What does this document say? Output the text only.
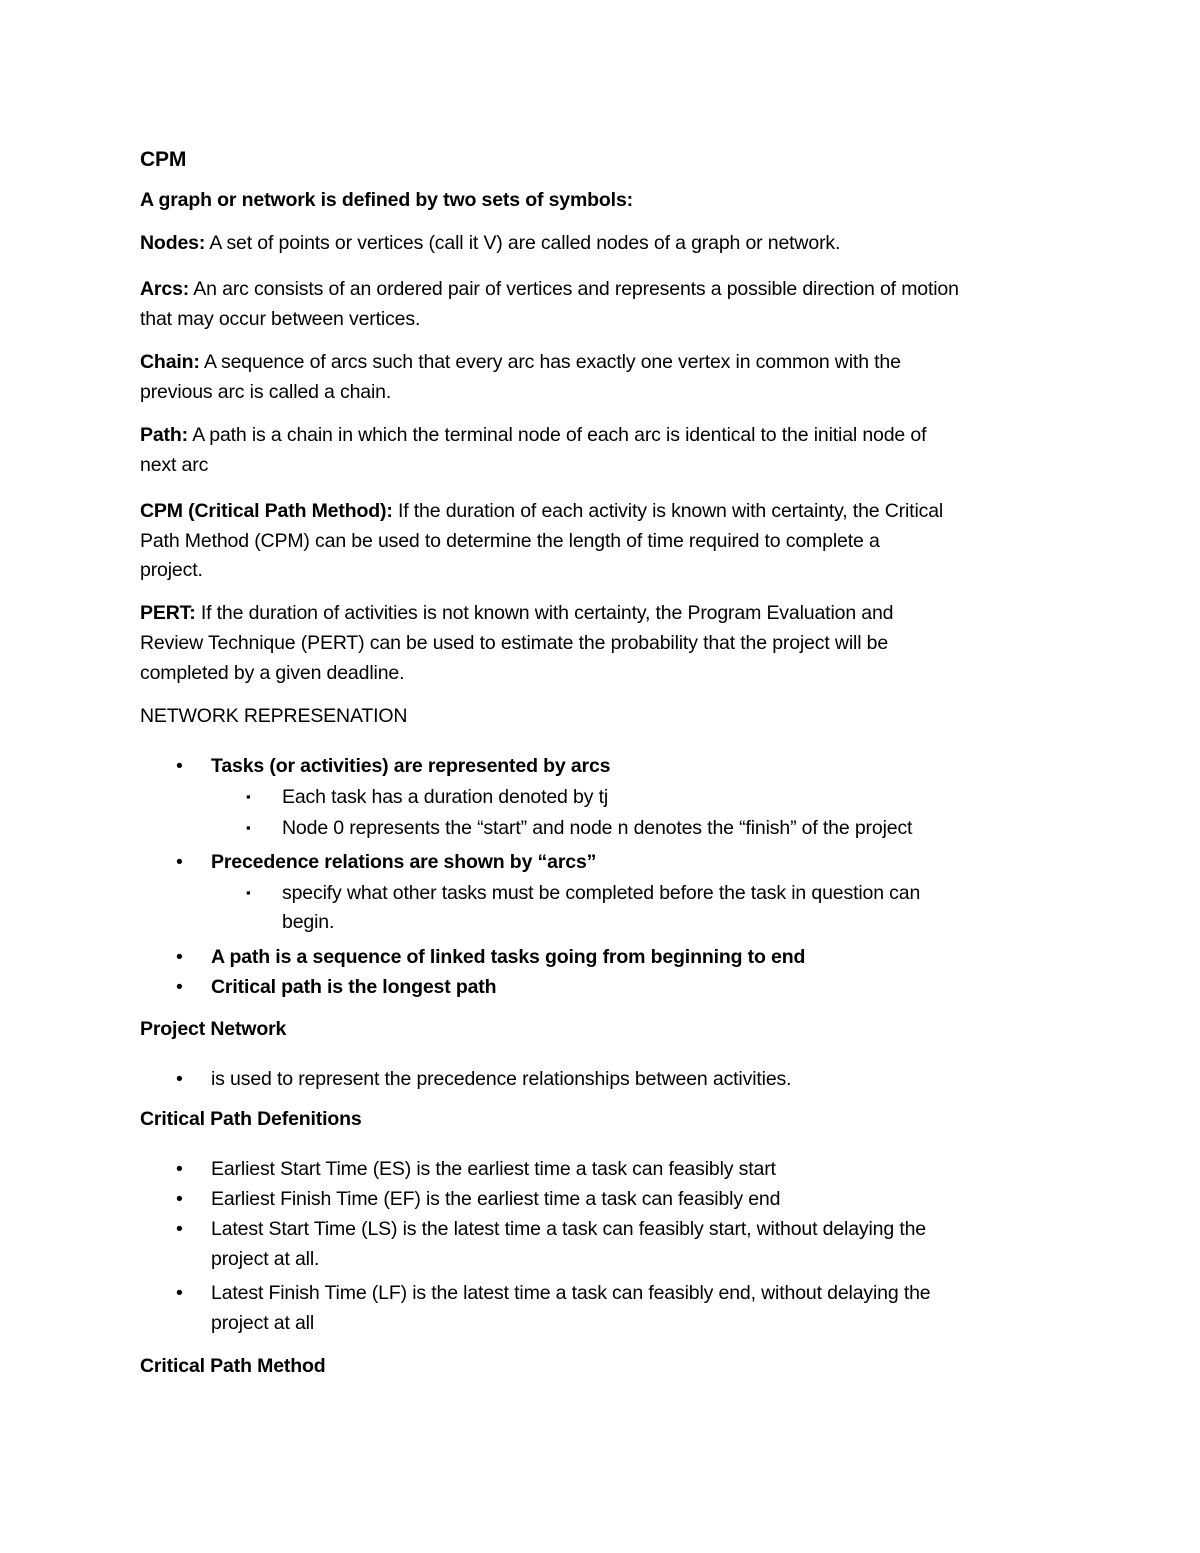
CPM
A graph or network is defined by two sets of symbols:
Nodes: A set of points or vertices (call it V) are called nodes of a graph or network.
Arcs: An arc consists of an ordered pair of vertices and represents a possible direction of motion
that may occur between vertices.
Chain: A sequence of arcs such that every arc has exactly one vertex in common with the
previous arc is called a chain.
Path: A path is a chain in which the terminal node of each arc is identical to the initial node of
next arc
CPM (Critical Path Method): If the duration of each activity is known with certainty, the Critical
Path Method (CPM) can be used to determine the length of time required to complete a
project.
PERT: If the duration of activities is not known with certainty, the Program Evaluation and
Review Technique (PERT) can be used to estimate the probability that the project will be
completed by a given deadline.
NETWORK REPRESENATION
• Tasks (or activities) are represented by arcs
▪ Each task has a duration denoted by tj
▪ Node 0 represents the “start” and node n denotes the “finish” of the project
• Precedence relations are shown by “arcs”
▪ specify what other tasks must be completed before the task in question can
begin.
• A path is a sequence of linked tasks going from beginning to end
• Critical path is the longest path
Project Network
• is used to represent the precedence relationships between activities.
Critical Path Defenitions
• Earliest Start Time (ES) is the earliest time a task can feasibly start
• Earliest Finish Time (EF) is the earliest time a task can feasibly end
• Latest Start Time (LS) is the latest time a task can feasibly start, without delaying the
project at all.
• Latest Finish Time (LF) is the latest time a task can feasibly end, without delaying the
project at all
Critical Path Method
